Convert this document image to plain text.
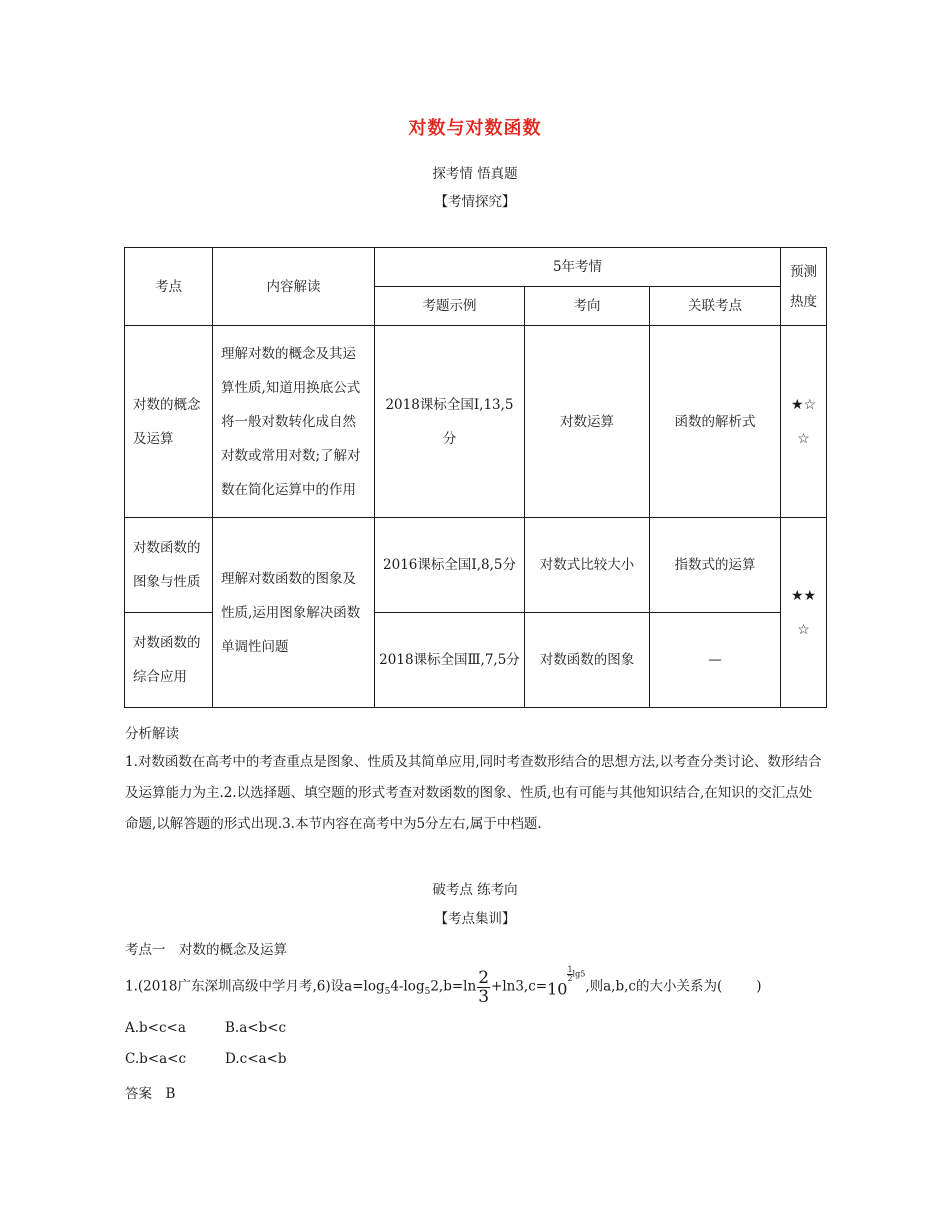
对数与对数函数
探考情 悟真题
【考情探究】
考点	内容解读	5年考情			预测热度
		考题示例	考向	关联考点	
对数的概念及运算	理解对数的概念及其运算性质,知道用换底公式将一般对数转化成自然对数或常用对数;了解对数在简化运算中的作用	2018课标全国Ⅰ,13,5分	对数运算	函数的解析式	★☆☆
对数函数的图象与性质	理解对数函数的图象及性质,运用图象解决函数单调性问题	2016课标全国Ⅰ,8,5分	对数式比较大小	指数式的运算	★★☆
对数函数的综合应用		2018课标全国Ⅲ,7,5分	对数函数的图象	—	
分析解读
1.对数函数在高考中的考查重点是图象、性质及其简单应用,同时考查数形结合的思想方法,以考查分类讨论、数形结合及运算能力为主.2.以选择题、填空题的形式考查对数函数的图象、性质,也有可能与其他知识结合,在知识的交汇点处命题,以解答题的形式出现.3.本节内容在高考中为5分左右,属于中档题.
破考点 练考向
【考点集训】
考点一　对数的概念及运算
1.(2018广东深圳高级中学月考,6)设$a=\log_54-\log_52,b=\ln \frac{2}{3} +\ln 3,c=10$
$\frac{1}{2} \lg 5$,则a,b,c的大小关系为(	)
A.b<c<a	B.a<b<c
C.b<a<c	D.c<a<b
答案　B
